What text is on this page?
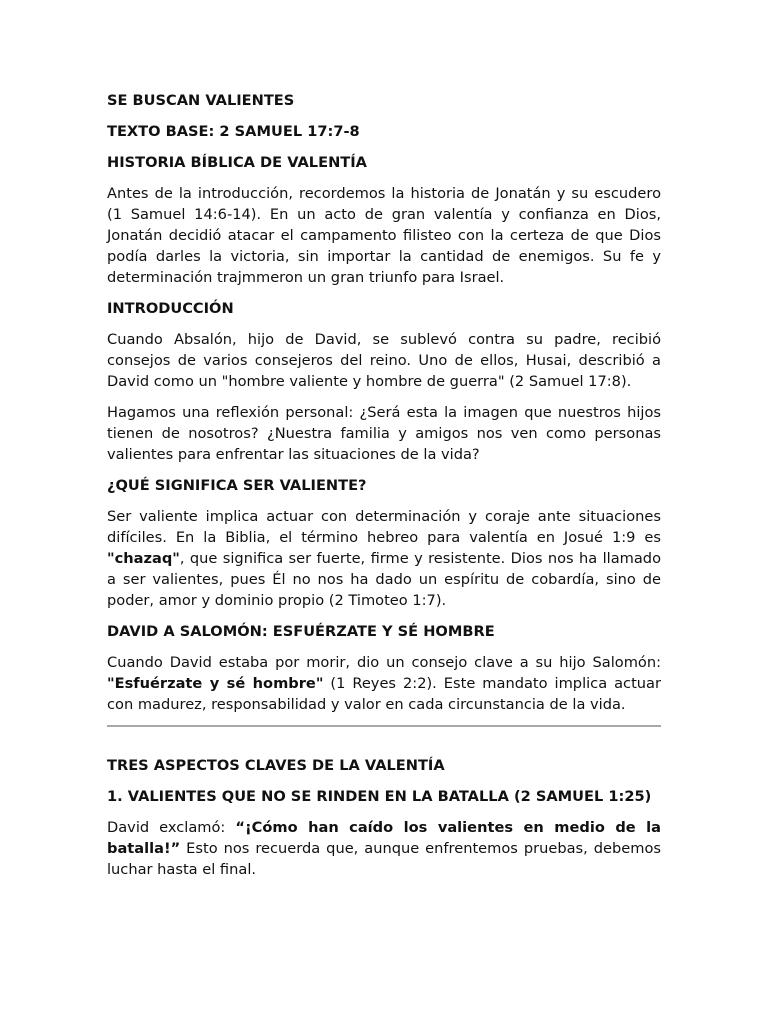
SE BUSCAN VALIENTES
TEXTO BASE: 2 SAMUEL 17:7-8
HISTORIA BÍBLICA DE VALENTÍA
Antes de la introducción, recordemos la historia de Jonatán y su escudero (1 Samuel 14:6-14). En un acto de gran valentía y confianza en Dios, Jonatán decidió atacar el campamento filisteo con la certeza de que Dios podía darles la victoria, sin importar la cantidad de enemigos. Su fe y determinación trajmmeron un gran triunfo para Israel.
INTRODUCCIÓN
Cuando Absalón, hijo de David, se sublevó contra su padre, recibió consejos de varios consejeros del reino. Uno de ellos, Husai, describió a David como un "hombre valiente y hombre de guerra" (2 Samuel 17:8).
Hagamos una reflexión personal: ¿Será esta la imagen que nuestros hijos tienen de nosotros? ¿Nuestra familia y amigos nos ven como personas valientes para enfrentar las situaciones de la vida?
¿QUÉ SIGNIFICA SER VALIENTE?
Ser valiente implica actuar con determinación y coraje ante situaciones difíciles. En la Biblia, el término hebreo para valentía en Josué 1:9 es "chazaq", que significa ser fuerte, firme y resistente. Dios nos ha llamado a ser valientes, pues Él no nos ha dado un espíritu de cobardía, sino de poder, amor y dominio propio (2 Timoteo 1:7).
DAVID A SALOMÓN: ESFUÉRZATE Y SÉ HOMBRE
Cuando David estaba por morir, dio un consejo clave a su hijo Salomón: "Esfuérzate y sé hombre" (1 Reyes 2:2). Este mandato implica actuar con madurez, responsabilidad y valor en cada circunstancia de la vida.
TRES ASPECTOS CLAVES DE LA VALENTÍA
1. VALIENTES QUE NO SE RINDEN EN LA BATALLA (2 SAMUEL 1:25)
David exclamó: “¡Cómo han caído los valientes en medio de la batalla!” Esto nos recuerda que, aunque enfrentemos pruebas, debemos luchar hasta el final.
